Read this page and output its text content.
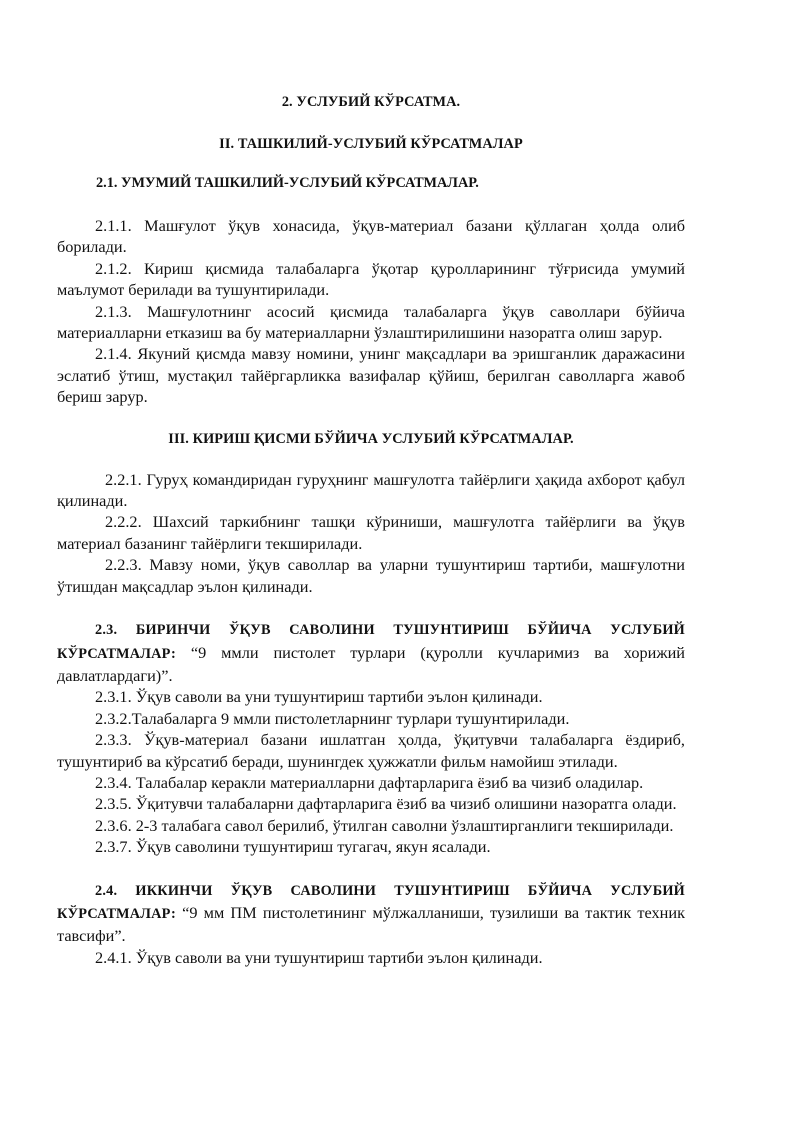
2. УСЛУБИЙ КЎРСАТМА.
II. ТАШКИЛИЙ-УСЛУБИЙ КЎРСАТМАЛАР
2.1. УМУМИЙ ТАШКИЛИЙ-УСЛУБИЙ КЎРСАТМАЛАР.

2.1.1. Машғулот ўқув хонасида, ўқув-материал базани қўллаган ҳолда олиб борилади.

2.1.2. Кириш қисмида талабаларга ўқотар қуролларининг тўғрисида умумий маълумот берилади ва тушунтирилади.

2.1.3. Машғулотнинг асосий қисмида талабаларга ўқув саволлари бўйича материалларни етказиш ва бу материалларни ўзлаштирилишини назоратга олиш зарур.

2.1.4. Якуний қисмда мавзу номини, унинг мақсадлари ва эришганлик даражасини эслатиб ўтиш, мустақил тайёргарликка вазифалар қўйиш, берилган саволларга жавоб бериш зарур.

III. КИРИШ ҚИСМИ БЎЙИЧА УСЛУБИЙ КЎРСАТМАЛАР.

2.2.1. Гуруҳ командиридан гуруҳнинг машғулотга тайёрлиги ҳақида ахборот қабул қилинади.

2.2.2. Шахсий таркибнинг ташқи кўриниши, машғулотга тайёрлиги ва ўқув материал базанинг тайёрлиги текширилади.

2.2.3. Мавзу номи, ўқув саволлар ва уларни тушунтириш тартиби, машғулотни ўтишдан мақсадлар эълон қилинади.

2.3. БИРИНЧИ ЎҚУВ САВОЛИНИ ТУШУНТИРИШ БЎЙИЧА УСЛУБИЙ КЎРСАТМАЛАР: “9 ммли пистолет турлари (қуролли кучларимиз ва хорижий давлатлардаги)”.

2.3.1. Ўқув саволи ва уни тушунтириш тартиби эълон қилинади.

2.3.2.Талабаларга 9 ммли пистолетларнинг турлари тушунтирилади.

2.3.3. Ўқув-материал базани ишлатган ҳолда, ўқитувчи талабаларга ёздириб, тушунтириб ва кўрсатиб беради, шунингдек ҳужжатли фильм намойиш этилади.

2.3.4. Талабалар керакли материалларни дафтарларига ёзиб ва чизиб оладилар.

2.3.5. Ўқитувчи талабаларни дафтарларига ёзиб ва чизиб олишини назоратга олади.

2.3.6. 2-3 талабага савол берилиб, ўтилган саволни ўзлаштирганлиги текширилади.

2.3.7. Ўқув саволини тушунтириш тугагач, якун ясалади.

2.4. ИККИНЧИ ЎҚУВ САВОЛИНИ ТУШУНТИРИШ БЎЙИЧА УСЛУБИЙ КЎРСАТМАЛАР: “9 мм ПМ пистолетининг мўлжалланиши, тузилиши ва тактик техник тавсифи”.

2.4.1. Ўқув саволи ва уни тушунтириш тартиби эълон қилинади.
